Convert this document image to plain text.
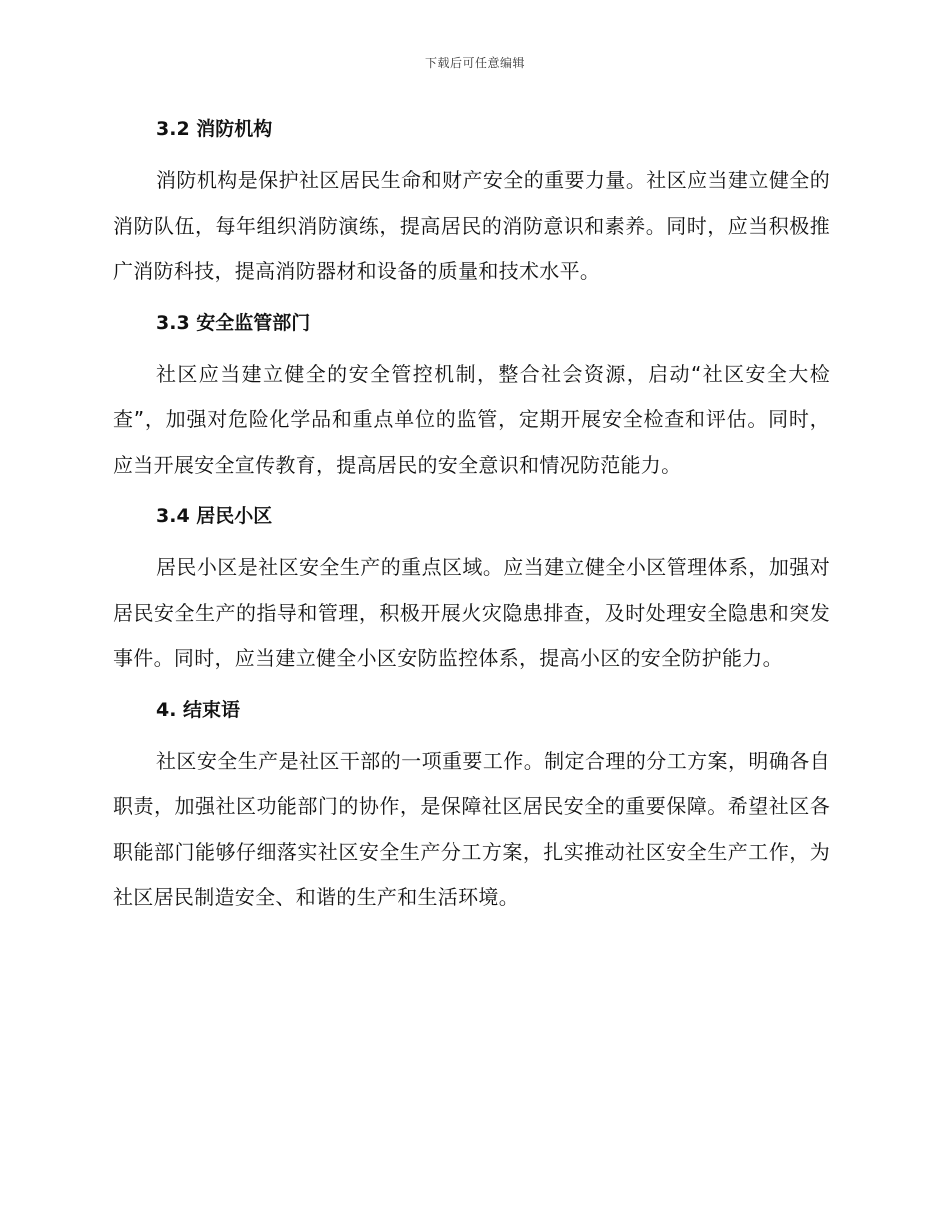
下载后可任意编辑
3.2 消防机构

消防机构是保护社区居民生命和财产安全的重要力量。社区应当建立健全的消防队伍，每年组织消防演练，提高居民的消防意识和素养。同时，应当积极推广消防科技，提高消防器材和设备的质量和技术水平。

3.3 安全监管部门

社区应当建立健全的安全管控机制，整合社会资源，启动“社区安全大检查”，加强对危险化学品和重点单位的监管，定期开展安全检查和评估。同时，应当开展安全宣传教育，提高居民的安全意识和情况防范能力。

3.4 居民小区

居民小区是社区安全生产的重点区域。应当建立健全小区管理体系，加强对居民安全生产的指导和管理，积极开展火灾隐患排查，及时处理安全隐患和突发事件。同时，应当建立健全小区安防监控体系，提高小区的安全防护能力。

4. 结束语

社区安全生产是社区干部的一项重要工作。制定合理的分工方案，明确各自职责，加强社区功能部门的协作，是保障社区居民安全的重要保障。希望社区各职能部门能够仔细落实社区安全生产分工方案，扎实推动社区安全生产工作，为社区居民制造安全、和谐的生产和生活环境。
